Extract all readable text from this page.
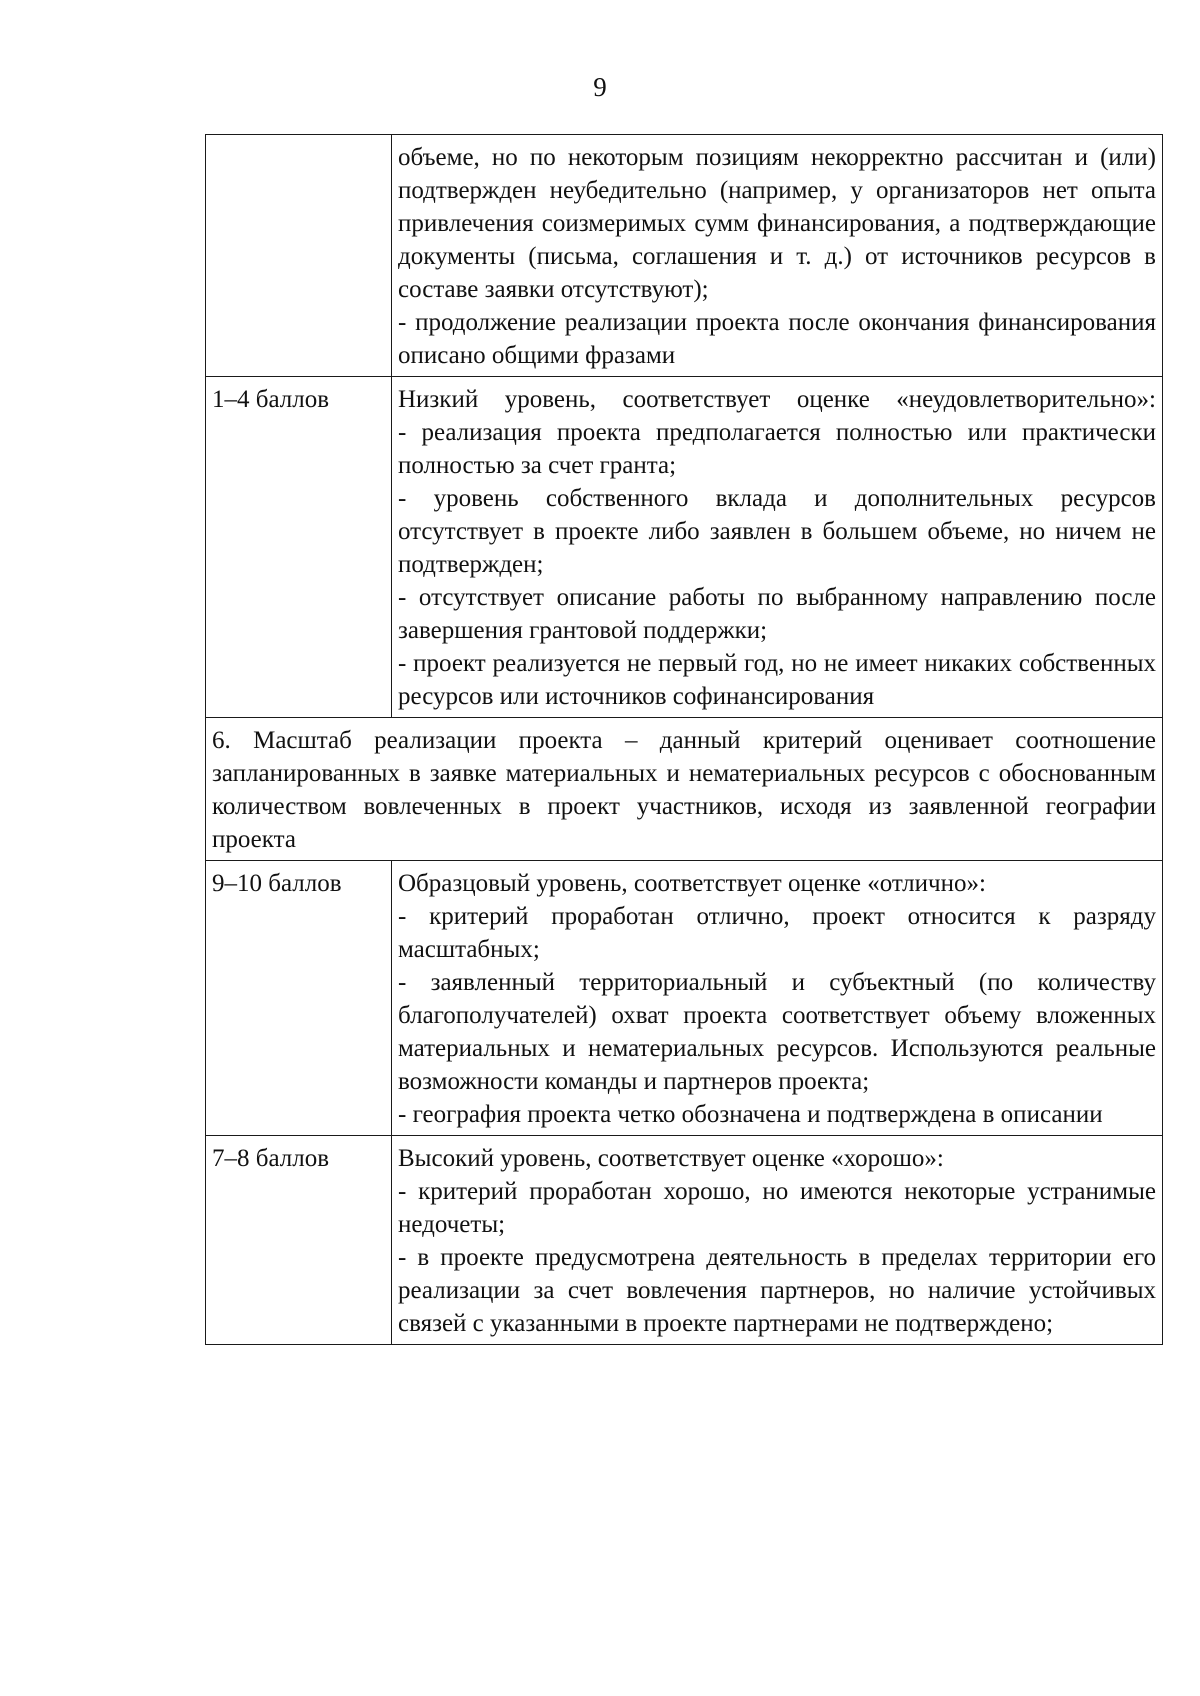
9

	объеме, но по некоторым позициям некорректно рассчитан и (или) подтвержден неубедительно (например, у организаторов нет опыта привлечения соизмеримых сумм финансирования, а подтверждающие документы (письма, соглашения и т. д.) от источников ресурсов в составе заявки отсутствуют);

- продолжение реализации проекта после окончания финансирования описано общими фразами

1–4 баллов	Низкий уровень, соответствует оценке «неудовлетворительно»:

- реализация проекта предполагается полностью или практически полностью за счет гранта;

- уровень собственного вклада и дополнительных ресурсов отсутствует в проекте либо заявлен в большем объеме, но ничем не подтвержден;

- отсутствует описание работы по выбранному направлению после завершения грантовой поддержки;

- проект реализуется не первый год, но не имеет никаких собственных ресурсов или источников софинансирования

6. Масштаб реализации проекта – данный критерий оценивает соотношение запланированных в заявке материальных и нематериальных ресурсов с обоснованным количеством вовлеченных в проект участников, исходя из заявленной географии проекта	

9–10 баллов	Образцовый уровень, соответствует оценке «отлично»:

- критерий проработан отлично, проект относится к разряду масштабных;

- заявленный территориальный и субъектный (по количеству благополучателей) охват проекта соответствует объему вложенных материальных и нематериальных ресурсов. Используются реальные возможности команды и партнеров проекта;

- география проекта четко обозначена и подтверждена в описании

7–8 баллов	Высокий уровень, соответствует оценке «хорошо»:

- критерий проработан хорошо, но имеются некоторые устранимые недочеты;

- в проекте предусмотрена деятельность в пределах территории его реализации за счет вовлечения партнеров, но наличие устойчивых связей с указанными в проекте партнерами не подтверждено;
